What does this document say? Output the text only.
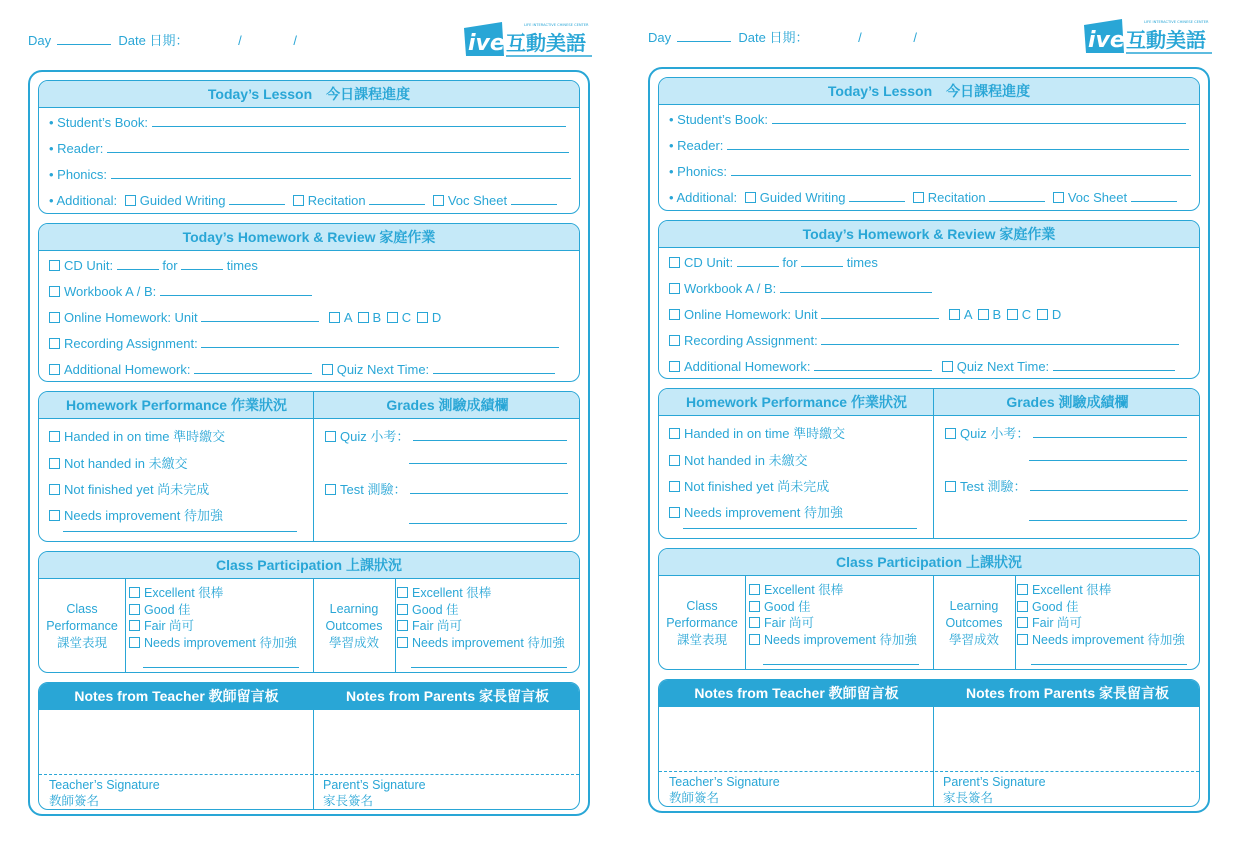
Day	Date 日期：	/	/	ive
LIFE INTERACTIVE CHINESE CENTER
互動美語
Today’s Lesson　今日課程進度
• Student’s Book:
• Reader:
• Phonics:
• Additional: Guided Writing	Recitation	Voc Sheet
Today’s Homework & Review 家庭作業
CD Unit:	for	times
Workbook A / B:
Online Homework: Unit	A B C D
Recording Assignment:
Additional Homework:	Quiz Next Time:
Homework Performance 作業狀況	Grades 測驗成績欄
Handed in on time 準時繳交
Not handed in 未繳交
Not finished yet 尚未完成
Needs improvement 待加強
Quiz 小考：
Test 測驗：
Class Participation 上課狀況
Class
Performance
課堂表現
Excellent 很棒
Good 佳
Fair 尚可
Needs improvement 待加強
Learning
Outcomes
學習成效
Excellent 很棒
Good 佳
Fair 尚可
Needs improvement 待加強
Notes from Teacher 教師留言板	Notes from Parents 家長留言板
Teacher’s Signature
教師簽名
Parent’s Signature
家長簽名
Day	Date 日期：	/	/	ive
LIFE INTERACTIVE CHINESE CENTER
互動美語
Today’s Lesson　今日課程進度
• Student’s Book:
• Reader:
• Phonics:
• Additional: Guided Writing	Recitation	Voc Sheet
Today’s Homework & Review 家庭作業
CD Unit:	for	times
Workbook A / B:
Online Homework: Unit	A B C D
Recording Assignment:
Additional Homework:	Quiz Next Time:
Homework Performance 作業狀況	Grades 測驗成績欄
Handed in on time 準時繳交
Not handed in 未繳交
Not finished yet 尚未完成
Needs improvement 待加強
Quiz 小考：
Test 測驗：
Class Participation 上課狀況
Class
Performance
課堂表現
Excellent 很棒
Good 佳
Fair 尚可
Needs improvement 待加強
Learning
Outcomes
學習成效
Excellent 很棒
Good 佳
Fair 尚可
Needs improvement 待加強
Notes from Teacher 教師留言板	Notes from Parents 家長留言板
Teacher’s Signature
教師簽名
Parent’s Signature
家長簽名
